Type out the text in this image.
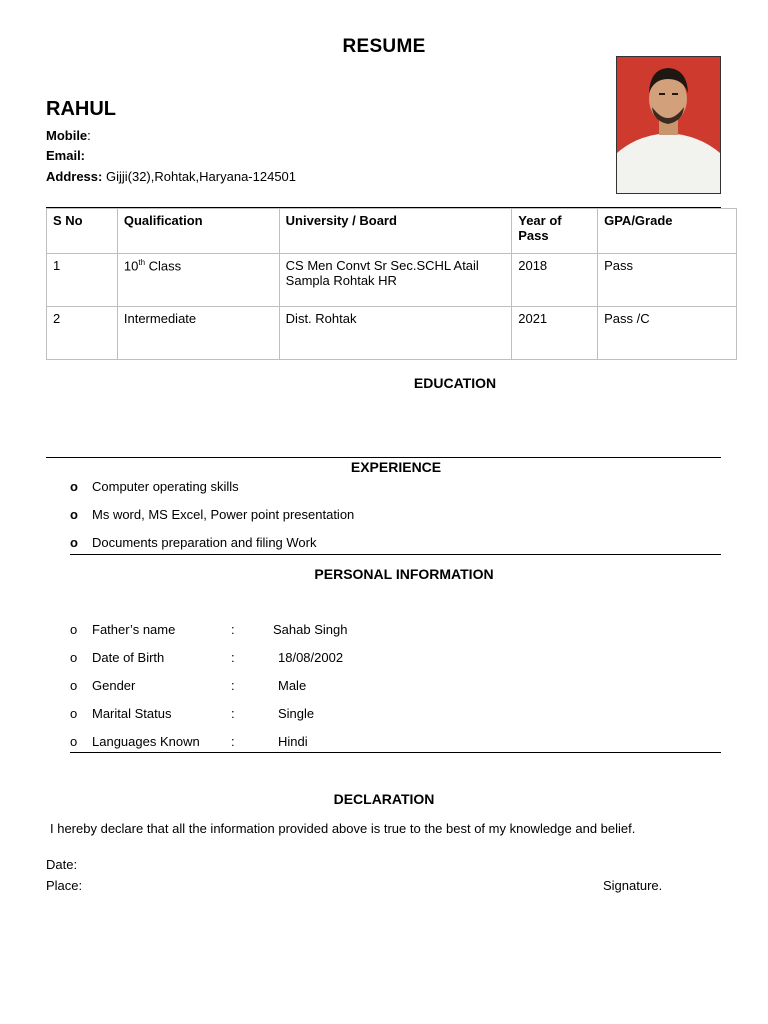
RESUME
RAHUL
Mobile:
Email:
Address: Gijji(32),Rohtak,Haryana-124501
S No	Qualification	University / Board	Year of Pass	GPA/Grade
1	10th Class	CS Men Convt Sr Sec.SCHL Atail Sampla Rohtak HR	2018	Pass
2	Intermediate	Dist. Rohtak	2021	Pass /C
EDUCATION
EXPERIENCE
o Computer operating skills
o Ms word, MS Excel, Power point presentation
o Documents preparation and filing Work
PERSONAL INFORMATION
o Father’s name	:	Sahab Singh
o Date of Birth	:	18/08/2002
o Gender	:	Male
o Marital Status	:	Single
o Languages Known :	Hindi
DECLARATION
I hereby declare that all the information provided above is true to the best of my knowledge and belief.
Date:
Place:	Signature.
